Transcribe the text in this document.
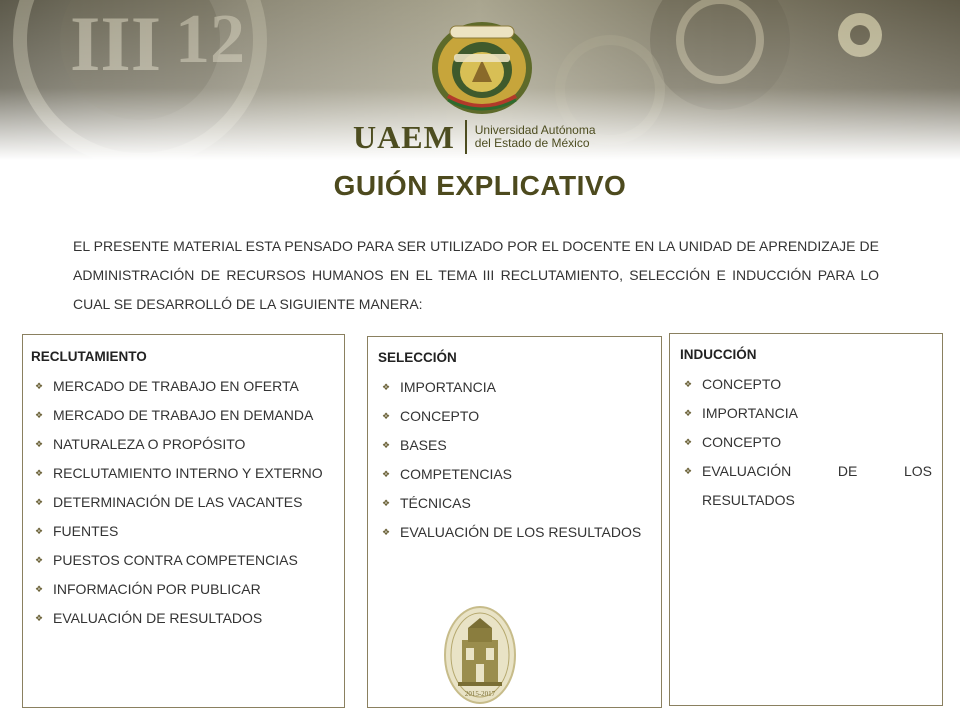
UAEM Universidad Autónoma
del Estado de México
GUIÓN EXPLICATIVO
EL PRESENTE MATERIAL ESTA PENSADO PARA SER UTILIZADO POR EL DOCENTE EN LA UNIDAD DE APRENDIZAJE DE ADMINISTRACIÓN DE RECURSOS HUMANOS EN EL TEMA III RECLUTAMIENTO, SELECCIÓN E INDUCCIÓN PARA LO CUAL SE DESARROLLÓ DE LA SIGUIENTE MANERA:
RECLUTAMIENTO
❖ MERCADO DE TRABAJO EN OFERTA
❖ MERCADO DE TRABAJO EN DEMANDA
❖ NATURALEZA O PROPÓSITO
❖ RECLUTAMIENTO INTERNO Y EXTERNO
❖ DETERMINACIÓN DE LAS VACANTES
❖ FUENTES
❖ PUESTOS CONTRA COMPETENCIAS
❖ INFORMACIÓN POR PUBLICAR
❖ EVALUACIÓN DE RESULTADOS
SELECCIÓN
❖ IMPORTANCIA
❖ CONCEPTO
❖ BASES
❖ COMPETENCIAS
❖ TÉCNICAS
❖ EVALUACIÓN DE LOS RESULTADOS
2015-2017
INDUCCIÓN
❖ CONCEPTO
❖ IMPORTANCIA
❖ CONCEPTO
❖ EVALUACIÓN DE LOS RESULTADOS
